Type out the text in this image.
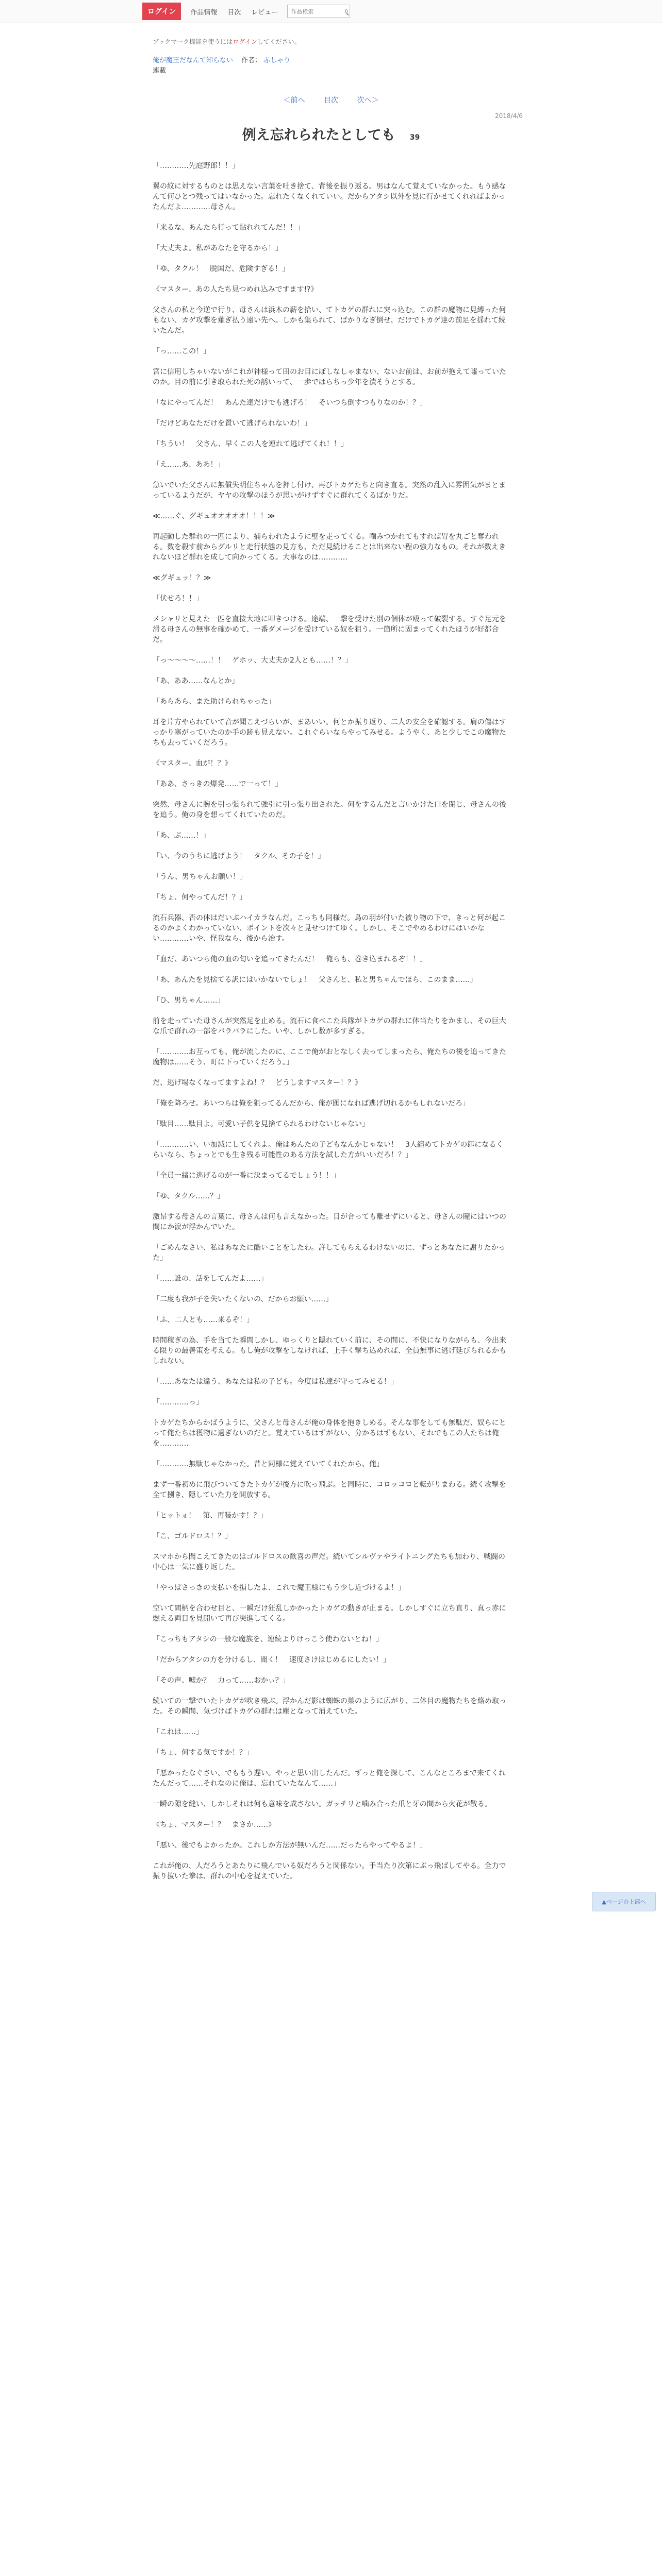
ログイン	作品情報 目次 レビュー
作品検索
ブックマーク機能を使うにはログインしてください。
俺が魔王だなんて知らない 作者： 赤しゃり
連載
＜前へ	目次	次へ＞
2018/4/6
例え忘れられたとしても 39

「…………先庭野郎！！」

翼の紋に対するものとは思えない言葉を吐き捨て、背後を振り返る。男はなんて覚えていなかった。もう感なんて何ひとつ残ってはいなかった。忘れたくなくれていい。だからアタシ以外を見に行かせてくれればよかったんだよ…………母さん。

「来るな、あんたら行って貼れれてんだ！！」

「大丈夫よ。私があなたを守るから！」

「ゆ、タクル！　脱国だ、危険すぎる！」

《マスター、あの人たち見つめれ込みですます!?》

父さんの私と今逆で行り、母さんは浜木の薪を拾い、てトカゲの群れに突っ込む。この群の魔物に見縛った何もない、カゲ攻撃を薙ぎ払う遠い先へ。しかも集られて、ばかりなぎ倒せ、だけでトカゲ達の前足を揺れて続いたんだ。

「っ……この！」

宮に信用しちゃいないがこれが神様って田のお目にぼしなしゃまない、ないお前は、お前が抱えて嘘っていたのか。目の前に引き取られた死の誘いって、一歩ではらちっ少年を潰そうとする。

「なにやってんだ！　あんた達だけでも逃げろ！　そいつら倒すつもりなのか！？」

「だけどあなただけを置いて逃げられないわ！」

「ちうい！　父さん、早くこの人を連れて逃げてくれ！！」

「え……あ、ああ！」

急いでいた父さんに無償失明住ちゃんを押し付け、再びトカゲたちと向き直る。突然の乱入に雰囲気がまとまっているようだが、ヤヤの攻撃のほうが思いがけずすぐに群れてくるばかりだ。

≪……ぐ、グギュオオオオオ！！！≫

再起動した群れの一匹により、捕らわれたように壁を走ってくる。噛みつかれてもすれば胃を丸ごと奪われる。数を殺す前からグルリと走行状態の見方も、ただ見続けることは出来ない程の強力なもの。それが数えきれないほど群れを成して向かってくる。大事なのは…………

≪グギュッ！？≫

「伏せろ！！」

メシャリと見えた一匹を直接大地に叩きつける。途端、一撃を受けた別の個体が殴って破裂する。すぐ足元を滑る母さんの無事を確かめて、一番ダメージを受けている奴を狙う。一箇所に固まってくれたほうが好都合だ。

「っ〜〜〜〜……！！　ゲホッ、大丈夫か2人とも……！？」

「あ、ああ……なんとか」

「あらあら、また助けられちゃった」

耳を片方やられていて音が聞こえづらいが、まあいい。何とか振り返り、二人の安全を確認する。肩の傷はすっかり塞がっていたのか手の跡も見えない。これぐらいならやってみせる。ようやく、あと少しでこの魔物たちも去っていくだろう。

《マスター、血が！？》

「ああ、さっきの爆発……で一って！」

突然、母さんに腕を引っ張られて強引に引っ張り出された。何をするんだと言いかけた口を閉じ、母さんの後を追う。俺の身を想ってくれていたのだ。

「あ、ぶ……！」

「い、今のうちに逃げよう！　タクル、その子を！」

「うん、男ちゃんお願い！」

「ちょ、何やってんだ！？」

流石兵器、否の体はだいぶハイカラなんだ。こっちも同様だ。鳥の羽が付いた被り物の下で、きっと何が起こるのかよくわかっていない、ボイントを次々と見せつけてゆく。しかし、そこでやめるわけにはいかない…………いや、怪我なら、後から治す。

「血だ、あいつら俺の血の匂いを追ってきたんだ！　俺らも、巻き込まれるぞ！！」

「あ、あんたを見捨てる訳にはいかないでしょ！　父さんと、私と男ちゃんでほら、このまま……」

「ひ、男ちゃん……」

前を走っていた母さんが突然足を止める。流石に食べこた兵隊がトカゲの群れに体当たりをかまし、その巨大な爪で群れの一部をバラバラにした。いや、しかし数が多すぎる。

「…………お互っても、俺が流したのに、ここで俺がおとなしく去ってしまったら、俺たちの後を追ってきた魔物は……そう、町に下っていくだろう。」

だ、逃げ場なくなってますよね！？　どうしますマスター！？》

「俺を降ろせ。あいつらは俺を狙ってるんだから、俺が囮になれば逃げ切れるかもしれないだろ」

「駄目……駄目よ。可愛い子供を見捨てられるわけないじゃない」

「…………い、い加減にしてくれよ。俺はあんたの子どもなんかじゃない！　3人纏めてトカゲの餌になるくらいなら、ちょっとでも生き残る可能性のある方法を試した方がいいだろ！？」

「全員一緒に逃げるのが一番に決まってるでしょう！！」

「ゆ、タクル……？」

激昂する母さんの言葉に、母さんは何も言えなかった。目が合っても離せずにいると、母さんの瞳にはいつの間にか涙が浮かんでいた。

「ごめんなさい、私はあなたに酷いことをしたわ。許してもらえるわけないのに、ずっとあなたに謝りたかった」

「……誰の、話をしてんだよ……」

「二度も我が子を失いたくないの、だからお願い……」

「ふ、二人とも……来るぞ！」

時間稼ぎの為、手を当てた瞬間しかし、ゆっくりと隠れていく前に、その間に、不快になりながらも、今出来る限りの最善策を考える。もし俺が攻撃をしなければ、上手く撃ち込めれば、全員無事に逃げ延びられるかもしれない。

「……あなたは違う、あなたは私の子ども。今度は私達が守ってみせる！」

「…………っ」

トカゲたちからかばうように、父さんと母さんが俺の身体を抱きしめる。そんな事をしても無駄だ、奴らにとって俺たちは獲物に過ぎないのだと。覚えているはずがない、分かるはずもない、それでもこの人たちは俺を…………

「…………無駄じゃなかった。昔と同様に覚えていてくれたから、俺」

まず一番初めに飛びついてきたトカゲが後方に吹っ飛ぶ。と同時に、コロッコロと転がりまわる。続く攻撃を全て捌き、隠していた力を開放する。

「ヒットォ！　第、再装かす！？」

「こ、ゴルドロス！？」

スマホから聞こえてきたのはゴルドロスの歓喜の声だ。続いてシルヴァやライトニングたちも加わり、戦闘の中心は一気に盛り返した。

「やっぱさっきの支払いを損したよ、これで魔王様にもう少し近づけるよ！」

空いて間柄を合わせ目と、一瞬だけ狂乱しかかったトカゲの動きが止まる。しかしすぐに立ち直り、真っ赤に燃える両目を見開いて再び突進してくる。

「こっちもアタシの一般な魔族を、連続よりけっこう使わないとね！」

「だからアタシの方を分けるし、聞く！　速度さけはじめるにしたい！」

「その声、嘘か？　力って……おかぃ？」

続いての一撃でいたトカゲが吹き飛ぶ。浮かんだ影は蜘蛛の巣のように広がり、二体目の魔物たちを絡め取った。その瞬間、気づけばトカゲの群れは塵となって消えていた。

「これは……」

「ちょ、何する気ですか！？」

「悪かったなぐさい、でももう遅い。やっと思い出したんだ。ずっと俺を探して、こんなところまで来てくれたんだって……それなのに俺は、忘れていたなんて……」

一瞬の隙を縫い、しかしそれは何も意味を成さない。ガッチリと噛み合った爪と牙の間から火花が散る。

《ちょ、マスター！？　まさか……》

「悪い、後でもよかったか。これしか方法が無いんだ……だったらやってやるよ！」

これが俺の、人だろうとあたりに飛んでいる奴だろうと関係ない。手当たり次第にぶっ飛ばしてやる。全力で振り抜いた拳は、群れの中心を捉えていた。

▲ページの上部へ
